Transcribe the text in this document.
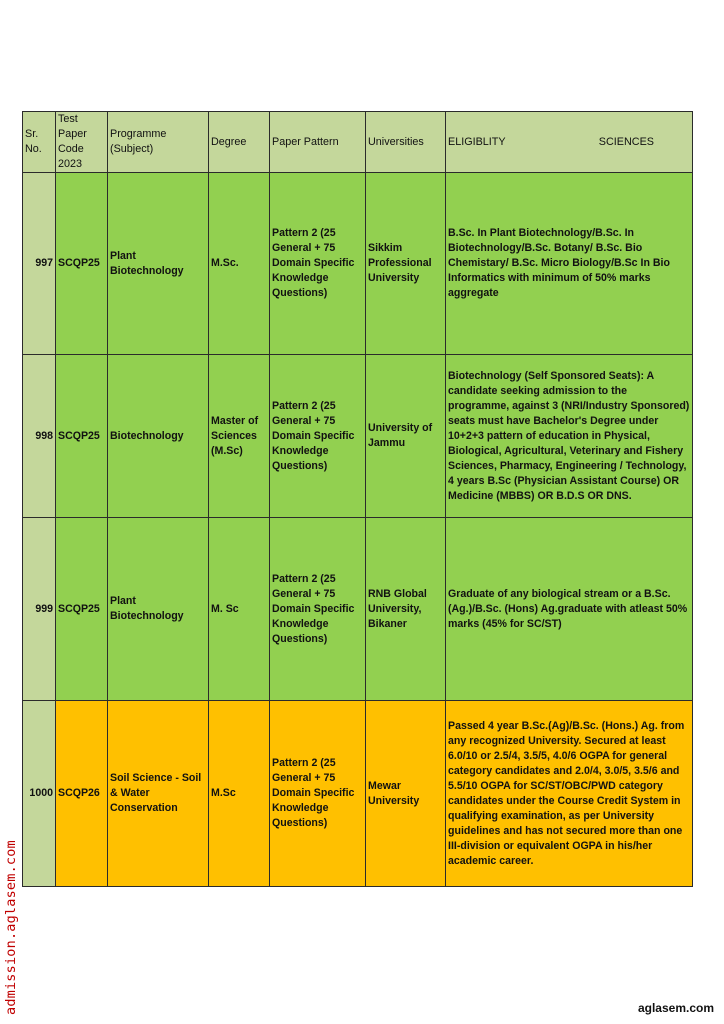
Sr. No.	Test Paper Code 2023	Programme (Subject)	Degree	Paper Pattern	Universities	ELIGIBLITY SCIENCES

997	SCQP25	Plant Biotechnology	M.Sc.	Pattern 2 (25 General + 75 Domain Specific Knowledge Questions)	Sikkim Professional University	B.Sc. In Plant Biotechnology/B.Sc. In Biotechnology/B.Sc. Botany/ B.Sc. Bio Chemistary/ B.Sc. Micro Biology/B.Sc In Bio Informatics with minimum of 50% marks aggregate
998	SCQP25	Biotechnology	Master of Sciences (M.Sc)	Pattern 2 (25 General + 75 Domain Specific Knowledge Questions)	University of Jammu	Biotechnology (Self Sponsored Seats): A candidate seeking admission to the programme, against 3 (NRI/Industry Sponsored) seats must have Bachelor's Degree under 10+2+3 pattern of education in Physical, Biological, Agricultural, Veterinary and Fishery Sciences, Pharmacy, Engineering / Technology, 4 years B.Sc (Physician Assistant Course) OR Medicine (MBBS) OR B.D.S OR DNS.
999	SCQP25	Plant Biotechnology	M. Sc	Pattern 2 (25 General + 75 Domain Specific Knowledge Questions)	RNB Global University, Bikaner	Graduate of any biological stream or a B.Sc.(Ag.)/B.Sc. (Hons) Ag.graduate with atleast 50% marks (45% for SC/ST)
1000	SCQP26	Soil Science - Soil & Water Conservation	M.Sc	Pattern 2 (25 General + 75 Domain Specific Knowledge Questions)	Mewar University	Passed 4 year B.Sc.(Ag)/B.Sc. (Hons.) Ag. from any recognized University. Secured at least 6.0/10 or 2.5/4, 3.5/5, 4.0/6 OGPA for general category candidates and 2.0/4, 3.0/5, 3.5/6 and 5.5/10 OGPA for SC/ST/OBC/PWD category candidates under the Course Credit System in qualifying examination, as per University guidelines and has not secured more than one III-division or equivalent OGPA in his/her academic career.
admission.aglasem.com	aglasem.com
